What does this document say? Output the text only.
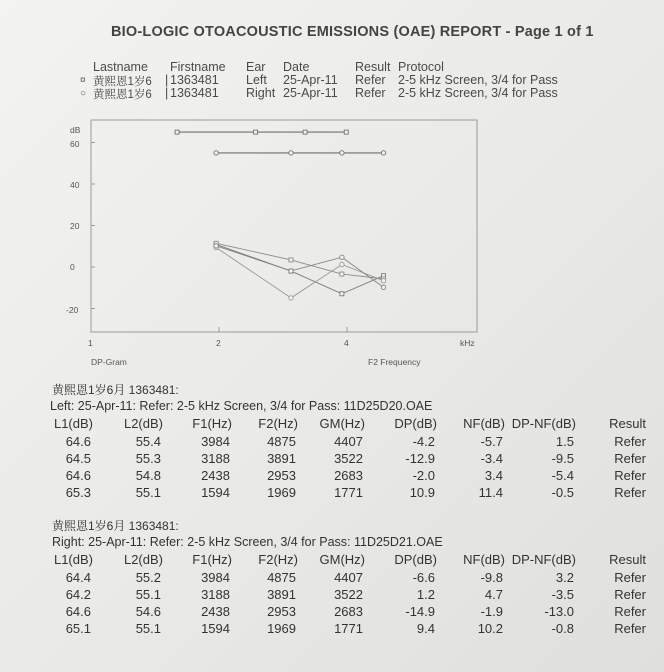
BIO-LOGIC OTOACOUSTIC EMISSIONS (OAE) REPORT - Page 1 of 1
Lastname Firstname Ear Date	Result Protocol
¤ 黄熙恩1岁6 | 1363481 Left 25-Apr-11 Refer 2-5 kHz Screen, 3/4 for Pass
○ 黄熙恩1岁6 | 1363481 Right 25-Apr-11 Refer 2-5 kHz Screen, 3/4 for Pass
dB
60
40
20
0
-20
1	2	4	kHz
DP-Gram	F2 Frequency
黄熙恩1岁6月 1363481:
Left: 25-Apr-11: Refer: 2-5 kHz Screen, 3/4 for Pass: 11D25D20.OAE
L1(dB) L2(dB) F1(Hz) F2(Hz) GM(Hz) DP(dB) NF(dB) DP-NF(dB)	Result
64.6	55.4	3984	4875	4407	-4.2	-5.7	1.5	Refer
64.5	55.3	3188	3891	3522	-12.9	-3.4	-9.5	Refer
64.6	54.8	2438	2953	2683	-2.0	3.4	-5.4	Refer
65.3	55.1	1594	1969	1771	10.9	11.4	-0.5	Refer
黄熙恩1岁6月 1363481:
Right: 25-Apr-11: Refer: 2-5 kHz Screen, 3/4 for Pass: 11D25D21.OAE
L1(dB) L2(dB) F1(Hz) F2(Hz) GM(Hz) DP(dB) NF(dB) DP-NF(dB)	Result
64.4	55.2	3984	4875	4407	-6.6	-9.8	3.2	Refer
64.2	55.1	3188	3891	3522	1.2	4.7	-3.5	Refer
64.6	54.6	2438	2953	2683	-14.9	-1.9	-13.0	Refer
65.1	55.1	1594	1969	1771	9.4	10.2	-0.8	Refer
